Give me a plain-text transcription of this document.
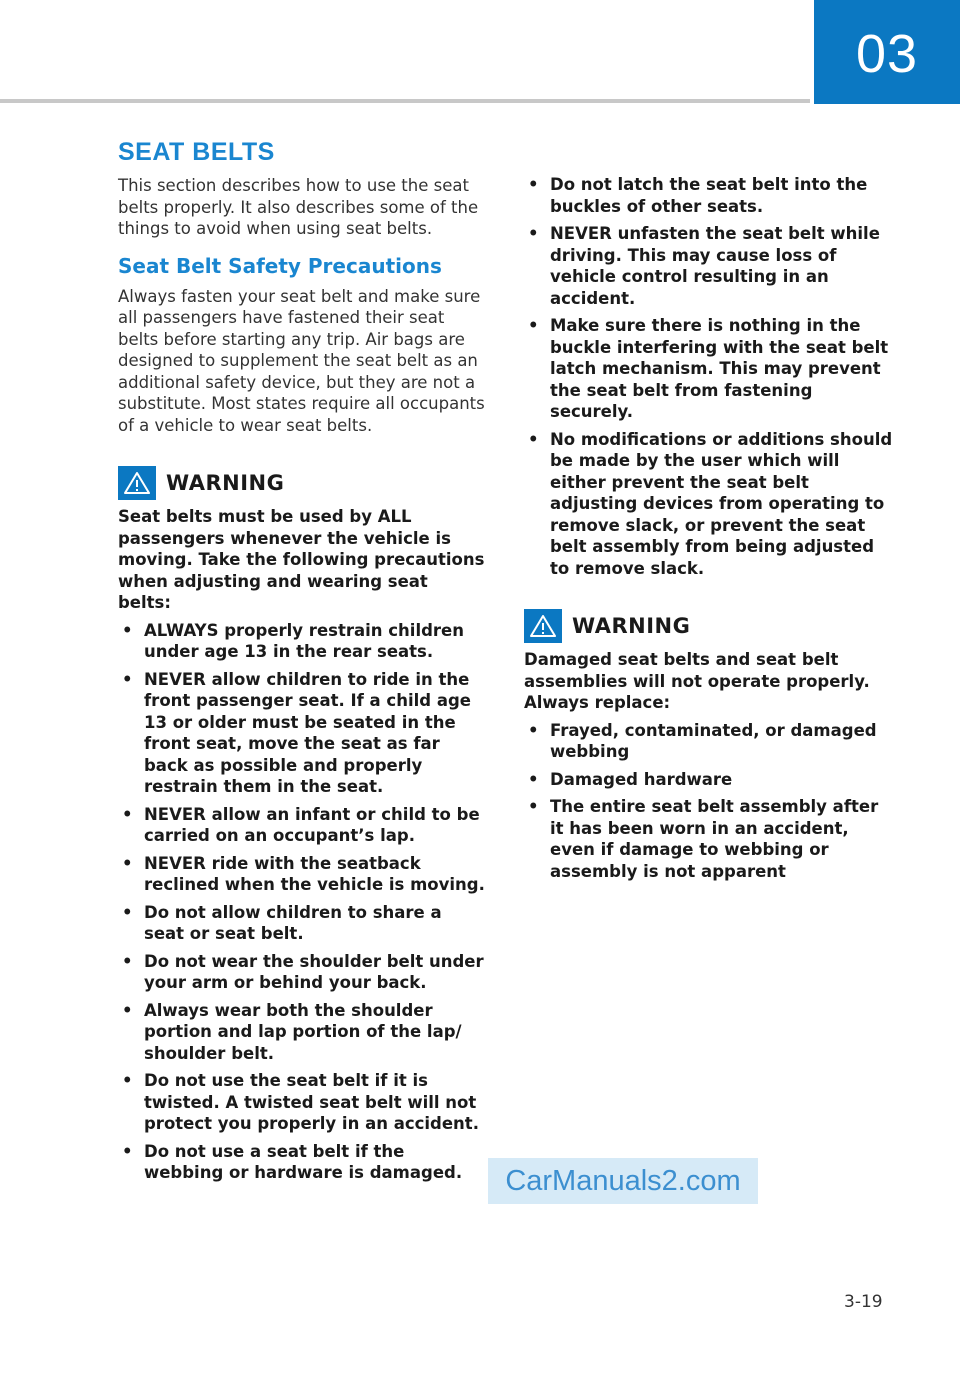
03
SEAT BELTS

This section describes how to use the seat belts properly. It also describes some of the things to avoid when using seat belts.

Seat Belt Safety Precautions

Always fasten your seat belt and make sure all passengers have fastened their seat belts before starting any trip. Air bags are designed to supplement the seat belt as an additional safety device, but they are not a substitute. Most states require all occupants of a vehicle to wear seat belts.

WARNING

Seat belts must be used by ALL passengers whenever the vehicle is moving. Take the following precautions when adjusting and wearing seat belts:

• ALWAYS properly restrain children under age 13 in the rear seats.
• NEVER allow children to ride in the front passenger seat. If a child age 13 or older must be seated in the front seat, move the seat as far back as possible and properly restrain them in the seat.
• NEVER allow an infant or child to be carried on an occupant’s lap.
• NEVER ride with the seatback reclined when the vehicle is moving.
• Do not allow children to share a seat or seat belt.
• Do not wear the shoulder belt under your arm or behind your back.
• Always wear both the shoulder portion and lap portion of the lap/ shoulder belt.
• Do not use the seat belt if it is twisted. A twisted seat belt will not protect you properly in an accident.
• Do not use a seat belt if the webbing or hardware is damaged.
• Do not latch the seat belt into the buckles of other seats.
• NEVER unfasten the seat belt while driving. This may cause loss of vehicle control resulting in an accident.
• Make sure there is nothing in the buckle interfering with the seat belt latch mechanism. This may prevent the seat belt from fastening securely.
• No modifications or additions should be made by the user which will either prevent the seat belt adjusting devices from operating to remove slack, or prevent the seat belt assembly from being adjusted to remove slack.
WARNING

Damaged seat belts and seat belt assemblies will not operate properly. Always replace:

• Frayed, contaminated, or damaged webbing
• Damaged hardware
• The entire seat belt assembly after it has been worn in an accident, even if damage to webbing or assembly is not apparent
CarManuals2.com
3-19
